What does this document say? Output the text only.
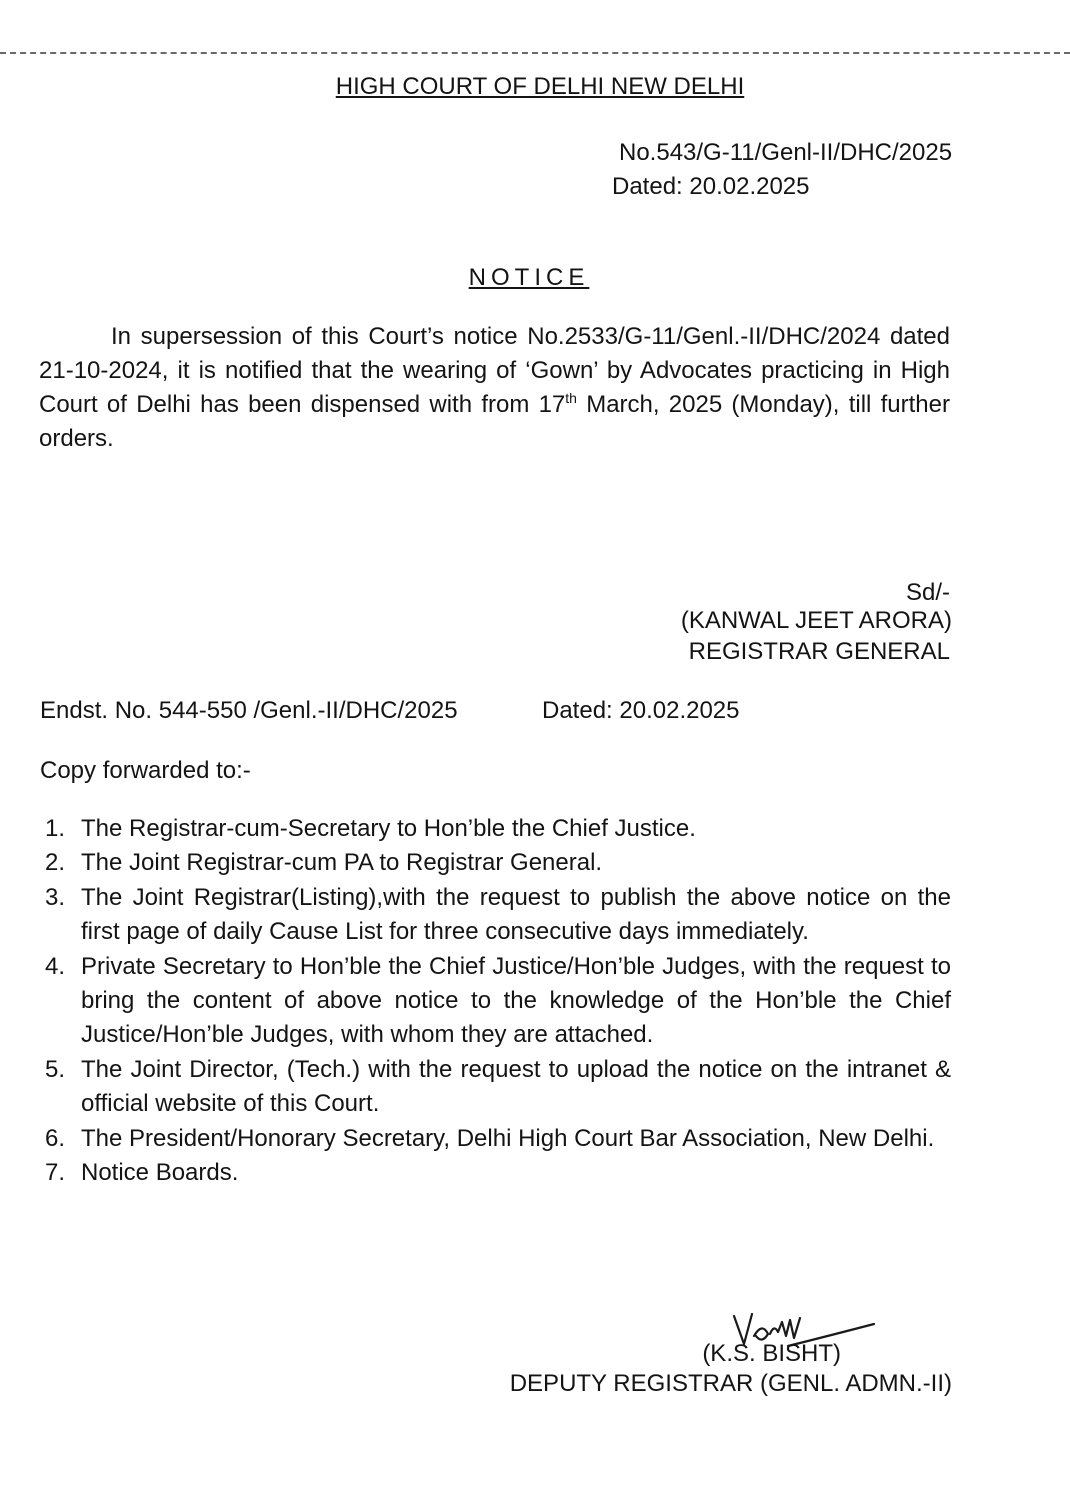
HIGH COURT OF DELHI NEW DELHI
No.543/G-11/Genl-II/DHC/2025
Dated: 20.02.2025
NOTICE

In supersession of this Court’s notice No.2533/G-11/Genl.-II/DHC/2024 dated 21-10-2024, it is notified that the wearing of ‘Gown’ by Advocates practicing in High Court of Delhi has been dispensed with from 17th March, 2025 (Monday), till further orders.

Sd/-
(KANWAL JEET ARORA)
REGISTRAR GENERAL
Endst. No. 544-550 /Genl.-II/DHC/2025	Dated: 20.02.2025
Copy forwarded to:-
1. The Registrar-cum-Secretary to Hon’ble the Chief Justice.
2. The Joint Registrar-cum PA to Registrar General.
3. The Joint Registrar(Listing),with the request to publish the above notice on the first page of daily Cause List for three consecutive days immediately.
4. Private Secretary to Hon’ble the Chief Justice/Hon’ble Judges, with the request to bring the content of above notice to the knowledge of the Hon’ble the Chief Justice/Hon’ble Judges, with whom they are attached.
5. The Joint Director, (Tech.) with the request to upload the notice on the intranet & official website of this Court.
6. The President/Honorary Secretary, Delhi High Court Bar Association, New Delhi.
7. Notice Boards.
(K.S. BISHT)
DEPUTY REGISTRAR (GENL. ADMN.-II)
